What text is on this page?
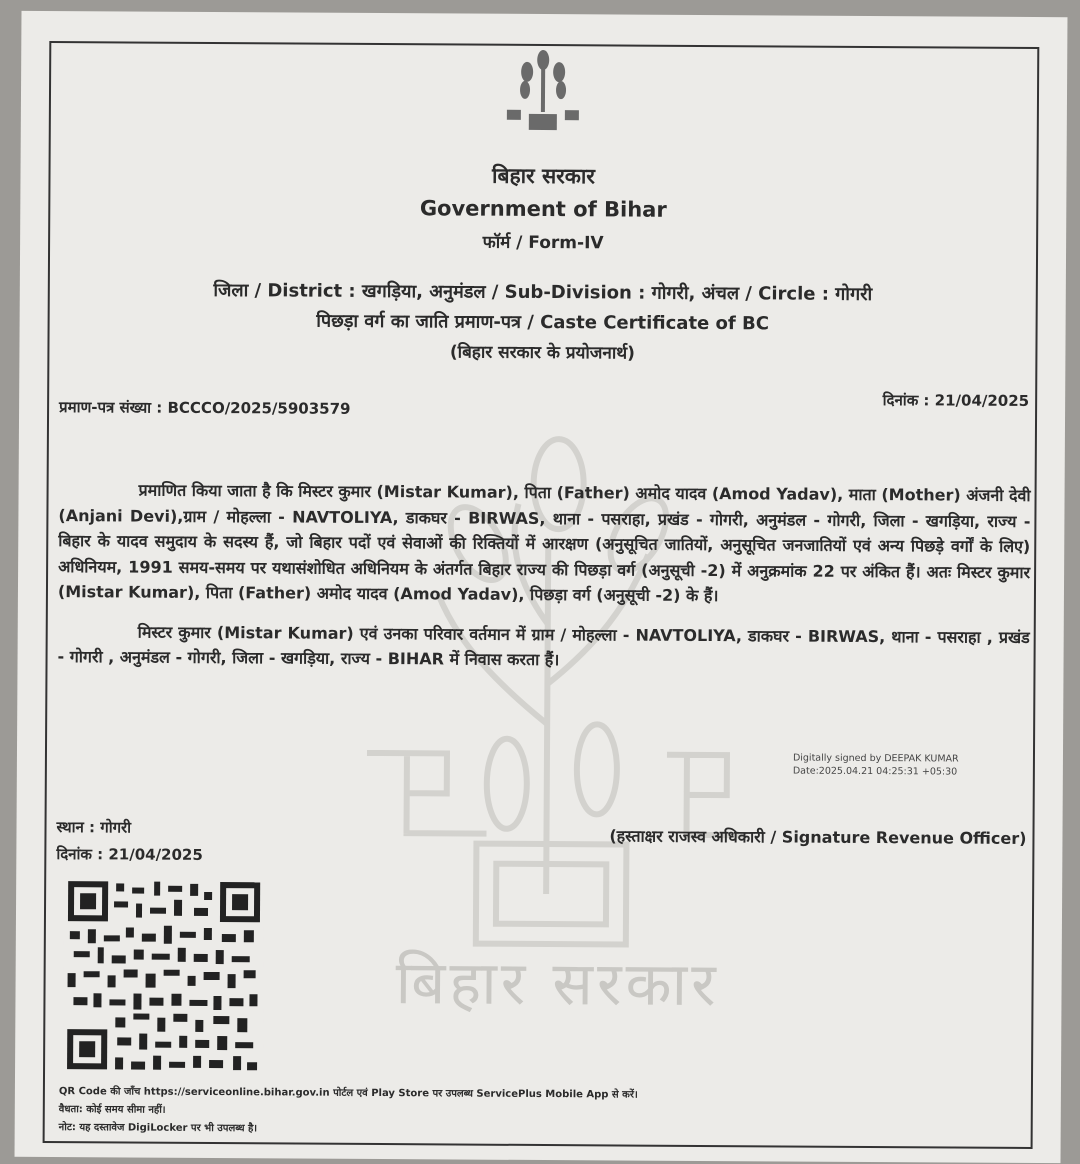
बिहार सरकार
बिहार सरकार
Government of Bihar
फॉर्म / Form-IV
जिला / District : खगड़िया, अनुमंडल / Sub-Division : गोगरी, अंचल / Circle : गोगरी
पिछड़ा वर्ग का जाति प्रमाण-पत्र / Caste Certificate of BC
(बिहार सरकार के प्रयोजनार्थ)
प्रमाण-पत्र संख्या : BCCCO/2025/5903579	दिनांक : 21/04/2025

प्रमाणित किया जाता है कि मिस्टर कुमार (Mistar Kumar), पिता (Father) अमोद यादव (Amod Yadav), माता (Mother) अंजनी देवी (Anjani Devi),ग्राम / मोहल्ला - NAVTOLIYA, डाकघर - BIRWAS, थाना - पसराहा, प्रखंड - गोगरी, अनुमंडल - गोगरी, जिला - खगड़िया, राज्य - बिहार के यादव समुदाय के सदस्य हैं, जो बिहार पदों एवं सेवाओं की रिक्तियों में आरक्षण (अनुसूचित जातियों, अनुसूचित जनजातियों एवं अन्य पिछड़े वर्गों के लिए) अधिनियम, 1991 समय-समय पर यथासंशोधित अधिनियम के अंतर्गत बिहार राज्य की पिछड़ा वर्ग (अनुसूची -2) में अनुक्रमांक 22 पर अंकित हैं। अतः मिस्टर कुमार (Mistar Kumar), पिता (Father) अमोद यादव (Amod Yadav), पिछड़ा वर्ग (अनुसूची -2) के हैं।

मिस्टर कुमार (Mistar Kumar) एवं उनका परिवार वर्तमान में ग्राम / मोहल्ला - NAVTOLIYA, डाकघर - BIRWAS, थाना - पसराहा , प्रखंड - गोगरी , अनुमंडल - गोगरी, जिला - खगड़िया, राज्य - BIHAR में निवास करता हैं।

Digitally signed by DEEPAK KUMAR
Date:2025.04.21 04:25:31 +05:30
स्थान : गोगरी
दिनांक : 21/04/2025
(हस्ताक्षर राजस्व अधिकारी / Signature Revenue Officer)
QR Code की जाँच https://serviceonline.bihar.gov.in पोर्टल एवं Play Store पर उपलब्ध ServicePlus Mobile App से करें।
वैधता: कोई समय सीमा नहीं।
नोट: यह दस्तावेज DigiLocker पर भी उपलब्ध है।
